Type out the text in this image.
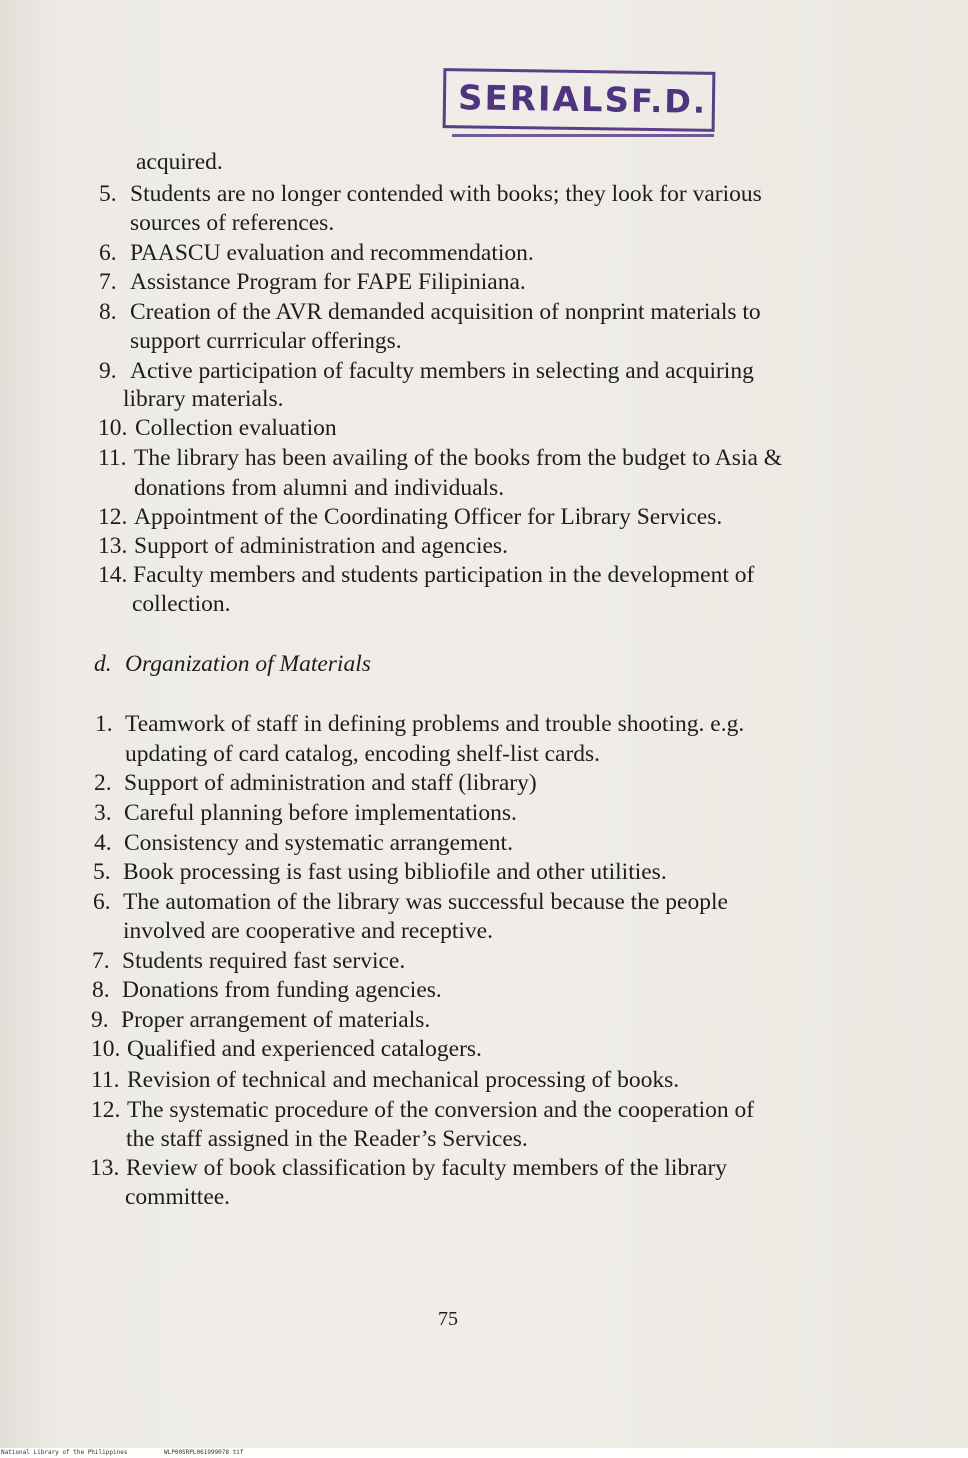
SERIALS F.D.
acquired.
5. Students are no longer contended with books; they look for various
sources of references.
6. PAASCU evaluation and recommendation.
7. Assistance Program for FAPE Filipiniana.
8. Creation of the AVR demanded acquisition of nonprint materials to
support currricular offerings.
9. Active participation of faculty members in selecting and acquiring
library materials.
10. Collection evaluation
11. The library has been availing of the books from the budget to Asia &
donations from alumni and individuals.
12. Appointment of the Coordinating Officer for Library Services.
13. Support of administration and agencies.
14. Faculty members and students participation in the development of
collection.
d. Organization of Materials
1. Teamwork of staff in defining problems and trouble shooting. e.g.
updating of card catalog, encoding shelf-list cards.
2. Support of administration and staff (library)
3. Careful planning before implementations.
4. Consistency and systematic arrangement.
5. Book processing is fast using bibliofile and other utilities.
6. The automation of the library was successful because the people
involved are cooperative and receptive.
7. Students required fast service.
8. Donations from funding agencies.
9. Proper arrangement of materials.
10. Qualified and experienced catalogers.
11. Revision of technical and mechanical processing of books.
12. The systematic procedure of the conversion and the cooperation of
the staff assigned in the Reader’s Services.
13. Review of book classification by faculty members of the library
committee.
75
National Library of the Philippines	WLP00SRPL061999078 tif
